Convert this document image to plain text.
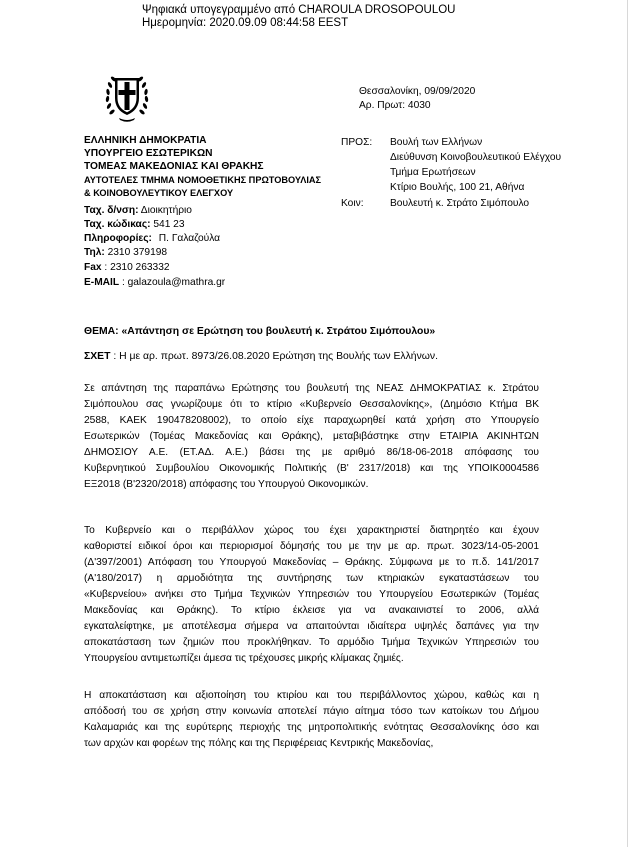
Ψηφιακά υπογεγραμμένο από CHAROULA DROSOPOULOU
Ημερομηνία: 2020.09.09 08:44:58 EEST
ΕΛΛΗΝΙΚΗ ΔΗΜΟΚΡΑΤΙΑ
ΥΠΟΥΡΓΕΙΟ ΕΣΩΤΕΡΙΚΩΝ
ΤΟΜΕΑΣ ΜΑΚΕΔΟΝΙΑΣ ΚΑΙ ΘΡΑΚΗΣ
ΑΥΤΟΤΕΛΕΣ ΤΜΗΜΑ ΝΟΜΟΘΕΤΙΚΗΣ ΠΡΩΤΟΒΟΥΛΙΑΣ
& ΚΟΙΝΟΒΟΥΛΕΥΤΙΚΟΥ ΕΛΕΓΧΟΥ
Ταχ. δ/νση: Διοικητήριο
Ταχ. κώδικας: 541 23
Πληροφορίες: Π. Γαλαζούλα
Τηλ: 2310 379198
Fax : 2310 263332
E-MAIL : galazoula@mathra.gr
Θεσσαλονίκη, 09/09/2020
Αρ. Πρωτ: 4030
ΠΡΟΣ: Βουλή των Ελλήνων
Διεύθυνση Κοινοβουλευτικού Ελέγχου
Τμήμα Ερωτήσεων
Κτίριο Βουλής, 100 21, Αθήνα
Κοιν:	Βουλευτή κ. Στράτο Σιμόπουλο
ΘΕΜΑ: «Απάντηση σε Ερώτηση του βουλευτή κ. Στράτου Σιμόπουλου»
ΣΧΕΤ : Η με αρ. πρωτ. 8973/26.08.2020 Ερώτηση της Βουλής των Ελλήνων.
Σε απάντηση της παραπάνω Ερώτησης του βουλευτή της ΝΕΑΣ ΔΗΜΟΚΡΑΤΙΑΣ κ. Στράτου
Σιμόπουλου σας γνωρίζουμε ότι το κτίριο «Κυβερνείο Θεσσαλονίκης», (Δημόσιο Κτήμα ΒΚ
2588, ΚΑΕΚ 190478208002), το οποίο είχε παραχωρηθεί κατά χρήση στο Υπουργείο
Εσωτερικών (Τομέας Μακεδονίας και Θράκης), μεταβιβάστηκε στην ΕΤΑΙΡΙΑ ΑΚΙΝΗΤΩΝ
ΔΗΜΟΣΙΟΥ Α.Ε. (ΕΤ.ΑΔ. Α.Ε.) βάσει της με αριθμό 86/18-06-2018 απόφασης του
Κυβερνητικού Συμβουλίου Οικονομικής Πολιτικής (Β' 2317/2018) και της ΥΠΟΙΚ0004586
ΕΞ2018 (Β'2320/2018) απόφασης του Υπουργού Οικονομικών.
Το Κυβερνείο και ο περιβάλλον χώρος του έχει χαρακτηριστεί διατηρητέο και έχουν
καθοριστεί ειδικοί όροι και περιορισμοί δόμησής του με την με αρ. πρωτ. 3023/14-05-2001
(Δ'397/2001) Απόφαση του Υπουργού Μακεδονίας – Θράκης. Σύμφωνα με το π.δ. 141/2017
(Α'180/2017) η αρμοδιότητα της συντήρησης των κτηριακών εγκαταστάσεων του
«Κυβερνείου» ανήκει στο Τμήμα Τεχνικών Υπηρεσιών του Υπουργείου Εσωτερικών (Τομέας
Μακεδονίας και Θράκης). Το κτίριο έκλεισε για να ανακαινιστεί το 2006, αλλά
εγκαταλείφτηκε, με αποτέλεσμα σήμερα να απαιτούνται ιδιαίτερα υψηλές δαπάνες για την
αποκατάσταση των ζημιών που προκλήθηκαν. Το αρμόδιο Τμήμα Τεχνικών Υπηρεσιών του
Υπουργείου αντιμετωπίζει άμεσα τις τρέχουσες μικρής κλίμακας ζημιές.
Η αποκατάσταση και αξιοποίηση του κτιρίου και του περιβάλλοντος χώρου, καθώς και η
απόδοσή του σε χρήση στην κοινωνία αποτελεί πάγιο αίτημα τόσο των κατοίκων του Δήμου
Καλαμαριάς και της ευρύτερης περιοχής της μητροπολιτικής ενότητας Θεσσαλονίκης όσο και
των αρχών και φορέων της πόλης και της Περιφέρειας Κεντρικής Μακεδονίας,
